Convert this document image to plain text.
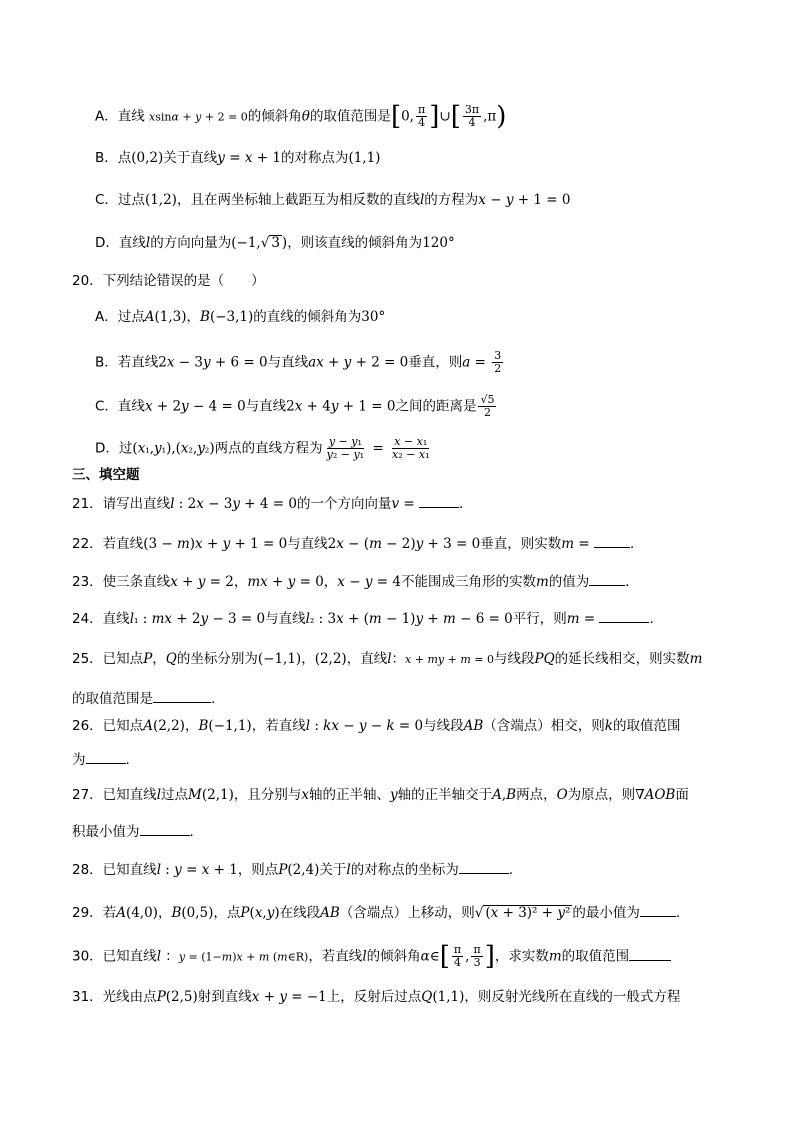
A．直线 xsinα + y + 2 = 0的倾斜角θ的取值范围是[0, $\frac{\pi}{4}$ ]∪[ $\frac{3\pi}{4} ,\pi$)
B．点(0,2)关于直线y = x + 1的对称点为(1,1)
C．过点(1,2)，且在两坐标轴上截距互为相反数的直线l的方程为x − y + 1 = 0
D．直线l的方向向量为(−1,√ 3 )，则该直线的倾斜角为120°
20．下列结论错误的是（　　）
A．过点A(1,3)，B(−3,1)的直线的倾斜角为30°
B．若直线2x − 3y + 6 = 0与直线ax + y + 2 = 0垂直，则$a = \frac{3}{2}$
C．直线x + 2y − 4 = 0与直线2x + 4y + 1 = 0之间的距离是 $\frac{√5}{2}$
D．过(x₁,y₁),(x₂,y₂)两点的直线方程为 $\frac{\text{y − y₁}}{\text{y₂ − y₁}} = \frac{\text{x − x₁}}{\text{x₂ − x₁}}$
三、填空题
21．请写出直线l : 2x − 3y + 4 = 0的一个方向向量v =	．
22．若直线(3 − m)x + y + 1 = 0与直线2x − (m − 2)y + 3 = 0垂直，则实数m =	.
23．使三条直线x + y = 2，mx + y = 0，x − y = 4不能围成三角形的实数m的值为	．
24．直线l₁ : mx + 2y − 3 = 0与直线l₂ : 3x + (m − 1)y + m − 6 = 0平行，则m =	.
25．已知点P，Q的坐标分别为(−1,1)，(2,2)，直线l：x + my + m = 0与线段PQ的延长线相交，则实数m
的取值范围是	.
26．已知点A(2,2)，B(−1,1)，若直线l : kx − y − k = 0与线段AB（含端点）相交，则k的取值范围
为	.
27．已知直线l过点M(2,1)，且分别与x轴的正半轴、y轴的正半轴交于A,B两点，O为原点，则∇AOB面
积最小值为	．
28．已知直线l : y = x + 1，则点P(2,4)关于l的对称点的坐标为	.
29．若A(4,0)，B(0,5)，点P(x,y)在线段AB（含端点）上移动，则√ (x + 3)² + y² 的最小值为	.
30．已知直线l ：y = (1−m)x + m (m∈R)，若直线l的倾斜角α∈[ $\frac{\pi}{4}$ , $\frac{\pi}{3}$ ]，求实数m的取值范围
31．光线由点P(2,5)射到直线x + y = −1上，反射后过点Q(1,1)，则反射光线所在直线的一般式方程
